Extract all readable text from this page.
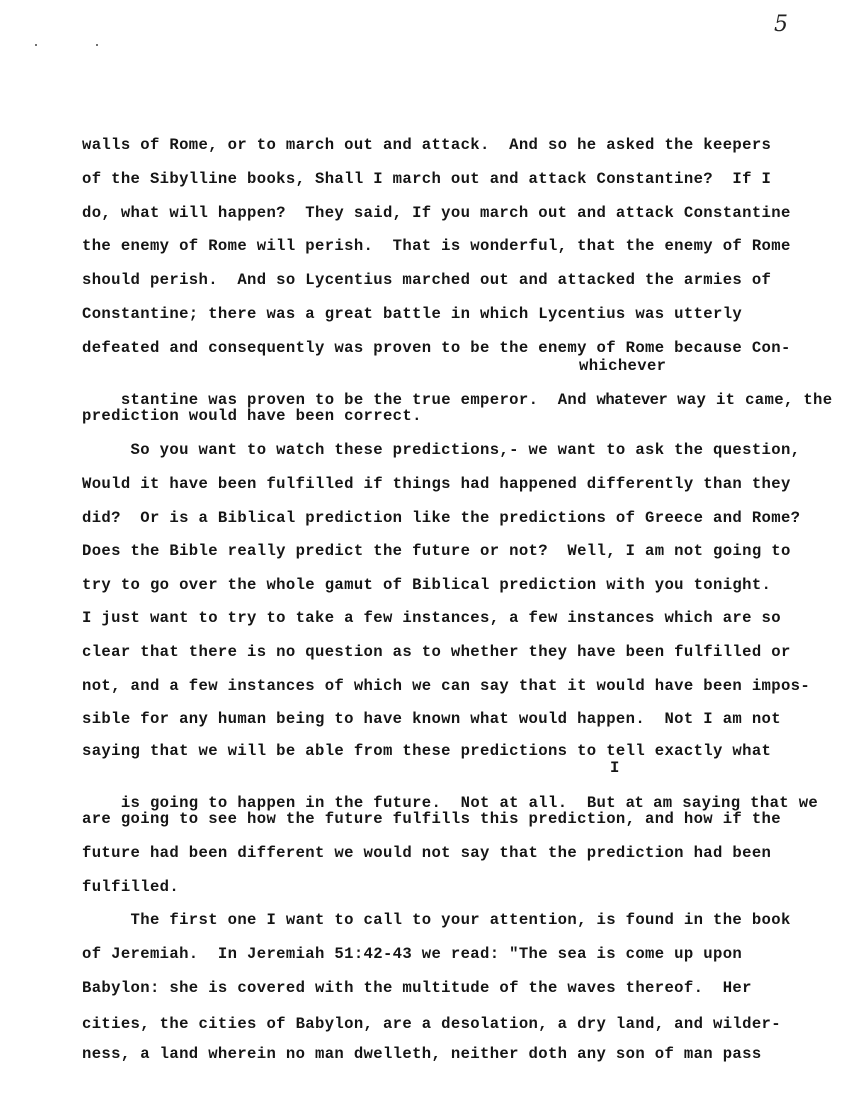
5
walls of Rome, or to march out and attack.  And so he asked the keepers
of the Sibylline books, Shall I march out and attack Constantine?  If I
do, what will happen?  They said, If you march out and attack Constantine
the enemy of Rome will perish.  That is wonderful, that the enemy of Rome
should perish.  And so Lycentius marched out and attacked the armies of
Constantine; there was a great battle in which Lycentius was utterly
defeated and consequently was proven to be the enemy of Rome because Con-
whichever

stantine was proven to be the true emperor.  And whatever way it came, the

prediction would have been correct.
So you want to watch these predictions,- we want to ask the question,
Would it have been fulfilled if things had happened differently than they
did?  Or is a Biblical prediction like the predictions of Greece and Rome?
Does the Bible really predict the future or not?  Well, I am not going to
try to go over the whole gamut of Biblical prediction with you tonight.
I just want to try to take a few instances, a few instances which are so
clear that there is no question as to whether they have been fulfilled or
not, and a few instances of which we can say that it would have been impos-
sible for any human being to have known what would happen.  Not I am not
saying that we will be able from these predictions to tell exactly what
I

is going to happen in the future.  Not at all.  But at am saying that we

are going to see how the future fulfills this prediction, and how if the
future had been different we would not say that the prediction had been
fulfilled.
The first one I want to call to your attention, is found in the book
of Jeremiah.  In Jeremiah 51:42-43 we read: "The sea is come up upon
Babylon: she is covered with the multitude of the waves thereof.  Her
cities, the cities of Babylon, are a desolation, a dry land, and wilder-
ness, a land wherein no man dwelleth, neither doth any son of man pass
